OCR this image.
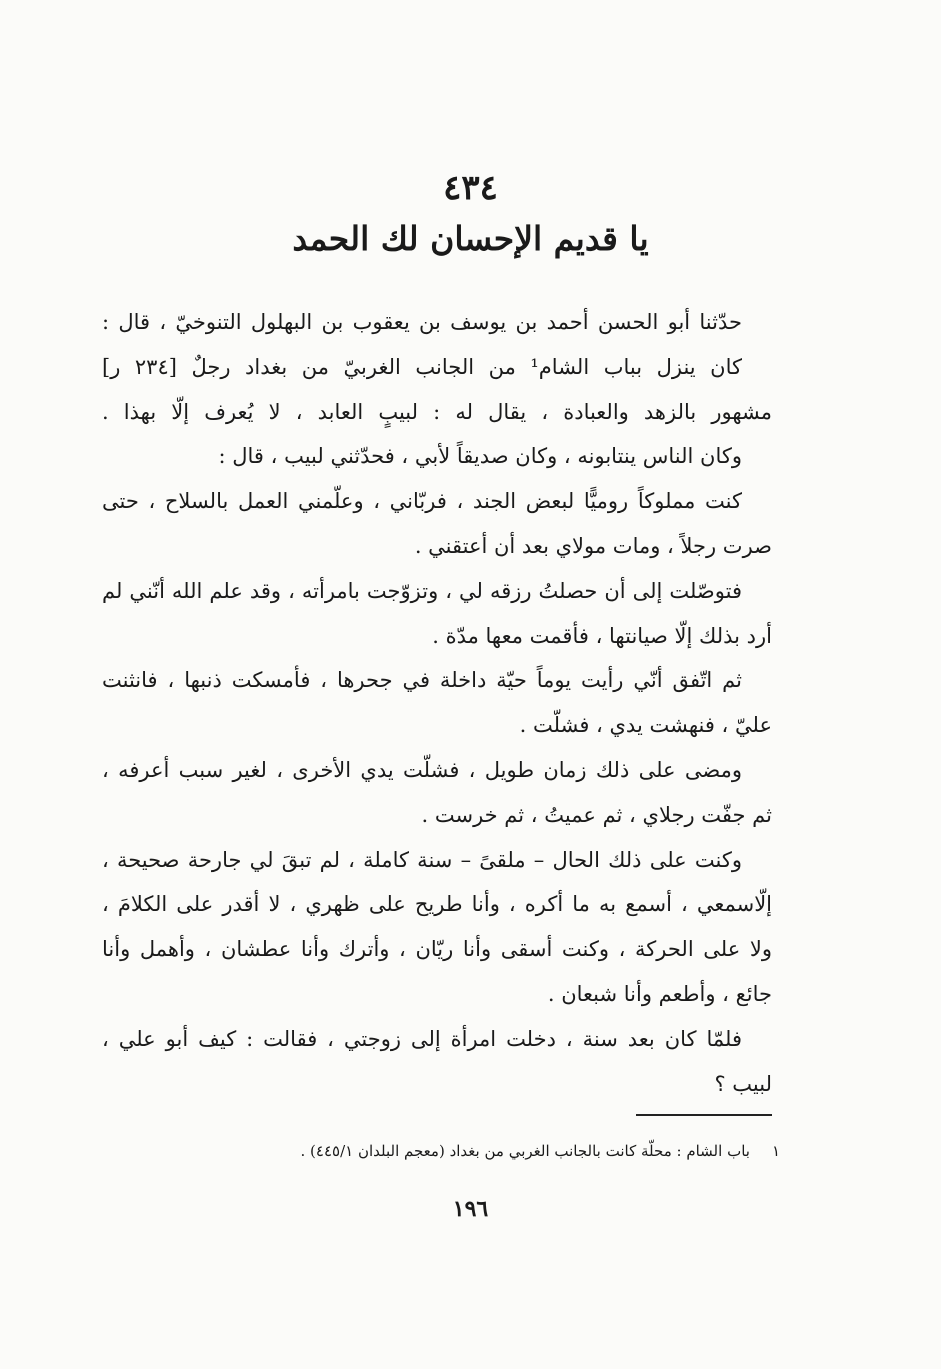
٤٣٤
يا قديم الإحسان لك الحمد
حدّثنا أبو الحسن أحمد بن يوسف بن يعقوب بن البهلول التنوخيّ ، قال :
كان ينزل بباب الشام¹ من الجانب الغربيّ من بغداد رجلٌ [٢٣٤ ر]
مشهور بالزهد والعبادة ، يقال له : لبيبٍ العابد ، لا يُعرف إلّا بهذا .
وكان الناس ينتابونه ، وكان صديقاً لأبي ، فحدّثني لبيب ، قال :
كنت مملوكاً روميًّا لبعض الجند ، فربّاني ، وعلّمني العمل بالسلاح ، حتى
صرت رجلاً ، ومات مولاي بعد أن أعتقني .
فتوصّلت إلى أن حصلتُ رزقه لي ، وتزوّجت بامرأته ، وقد علم الله أنّني لم
أرد بذلك إلّا صيانتها ، فأقمت معها مدّة .
ثم اتّفق أنّي رأيت يوماً حيّة داخلة في جحرها ، فأمسكت ذنبها ، فانثنت
عليّ ، فنهشت يدي ، فشلّت .
ومضى على ذلك زمان طويل ، فشلّت يدي الأخرى ، لغير سبب أعرفه ،
ثم جفّت رجلاي ، ثم عميتُ ، ثم خرست .
وكنت على ذلك الحال – ملقىً – سنة كاملة ، لم تبقَ لي جارحة صحيحة ،
إلّاسمعي ، أسمع به ما أكره ، وأنا طريح على ظهري ، لا أقدر على الكلامَ ،
ولا على الحركة ، وكنت أسقى وأنا ريّان ، وأترك وأنا عطشان ، وأهمل وأنا
جائع ، وأطعم وأنا شبعان .
فلمّا كان بعد سنة ، دخلت امرأة إلى زوجتي ، فقالت : كيف أبو علي ،
لبيب ؟
١باب الشام : محلّة كانت بالجانب الغربي من بغداد (معجم البلدان ٤٤٥/١) .
١٩٦
